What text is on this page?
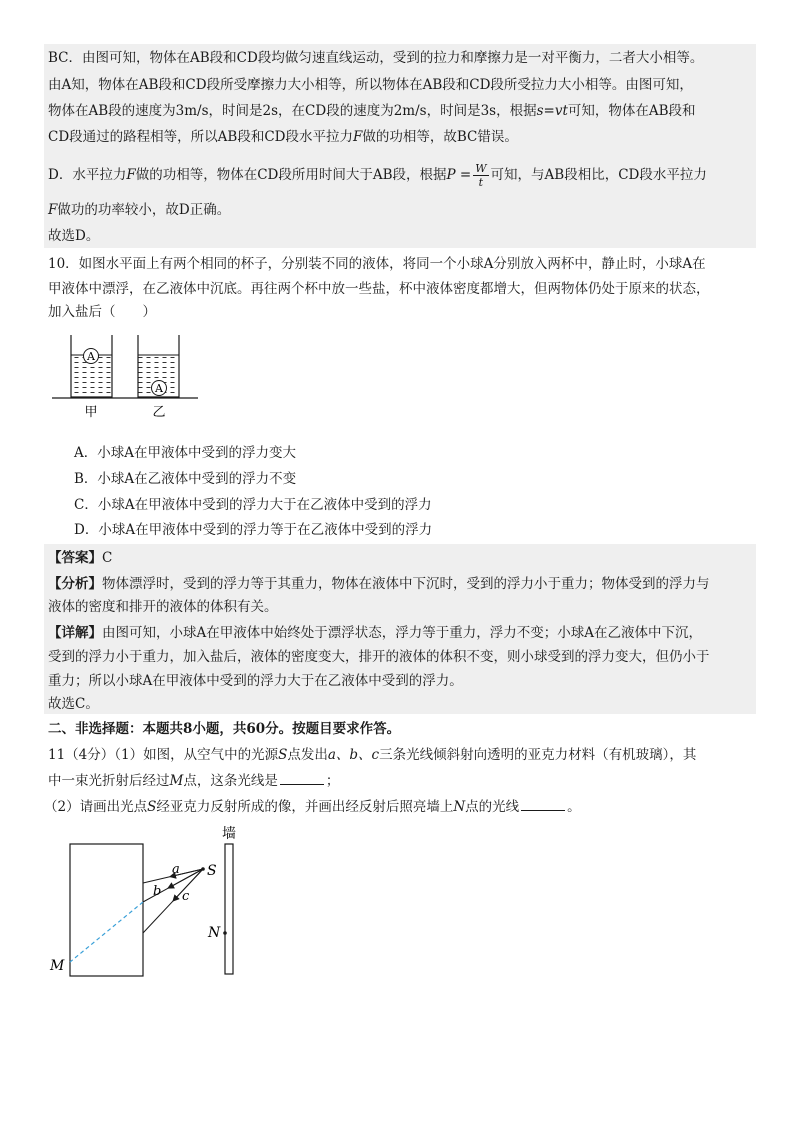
BC．由图可知，物体在AB段和CD段均做匀速直线运动，受到的拉力和摩擦力是一对平衡力，二者大小相等。
由A知，物体在AB段和CD段所受摩擦力大小相等，所以物体在AB段和CD段所受拉力大小相等。由图可知，
物体在AB段的速度为3m/s，时间是2s，在CD段的速度为2m/s，时间是3s，根据s=vt可知，物体在AB段和
CD段通过的路程相等，所以AB段和CD段水平拉力F做的功相等，故BC错误。
D．水平拉力F做的功相等，物体在CD段所用时间大于AB段，根据$P = \frac{W}{t}$ 可知，与AB段相比，CD段水平拉力
F做功的功率较小，故D正确。
故选D。
10．如图水平面上有两个相同的杯子，分别装不同的液体，将同一个小球A分别放入两杯中，静止时，小球A在
甲液体中漂浮，在乙液体中沉底。再往两个杯中放一些盐，杯中液体密度都增大，但两物体仍处于原来的状态，
加入盐后（　　）
A
A
甲	乙
A．小球A在甲液体中受到的浮力变大
B．小球A在乙液体中受到的浮力不变
C．小球A在甲液体中受到的浮力大于在乙液体中受到的浮力
D．小球A在甲液体中受到的浮力等于在乙液体中受到的浮力
【答案】C
【分析】物体漂浮时，受到的浮力等于其重力，物体在液体中下沉时，受到的浮力小于重力；物体受到的浮力与
液体的密度和排开的液体的体积有关。
【详解】由图可知，小球A在甲液体中始终处于漂浮状态，浮力等于重力，浮力不变；小球A在乙液体中下沉，
受到的浮力小于重力，加入盐后，液体的密度变大，排开的液体的体积不变，则小球受到的浮力变大，但仍小于
重力；所以小球A在甲液体中受到的浮力大于在乙液体中受到的浮力。
故选C。
二、非选择题：本题共8小题，共60分。按题目要求作答。
11（4分）（1）如图，从空气中的光源S点发出a、b、c三条光线倾斜射向透明的亚克力材料（有机玻璃），其
中一束光折射后经过M点，这条光线是	；
（2）请画出光点S经亚克力反射所成的像，并画出经反射后照亮墙上N点的光线	。
墙
S
a
b c
M
N
